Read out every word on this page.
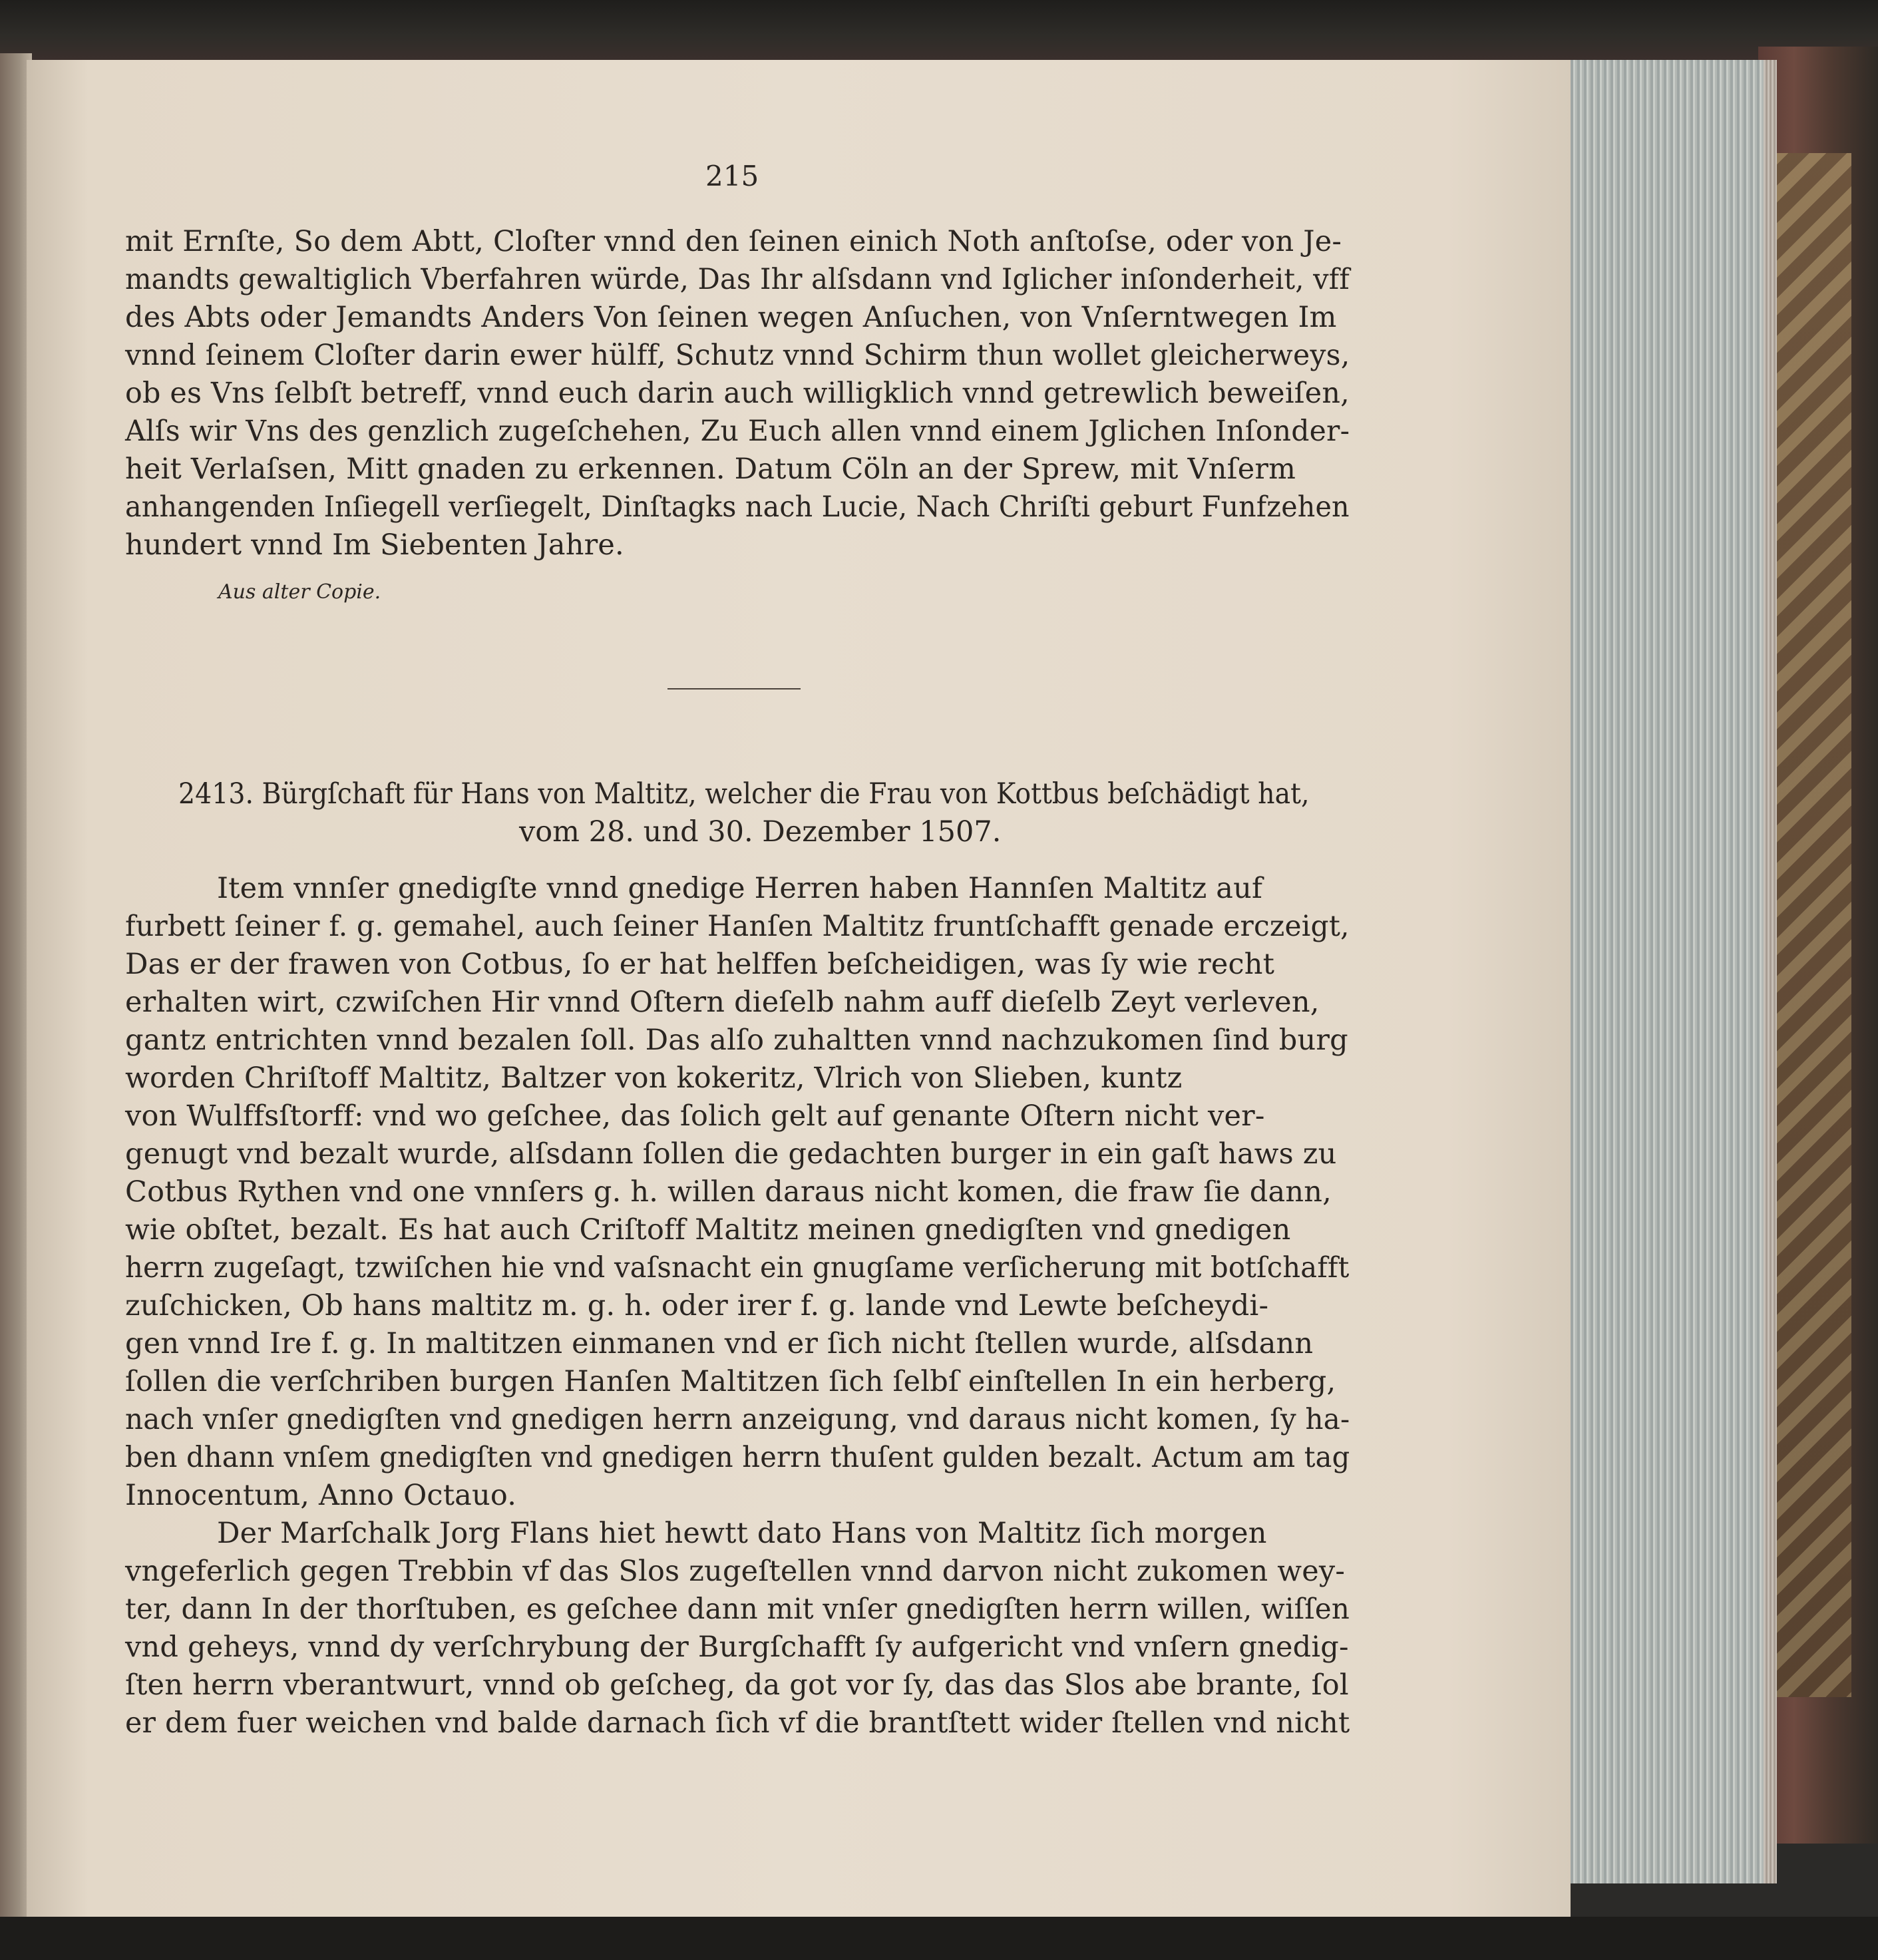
215
mit Ernſte, So dem Abtt, Cloſter vnnd den ſeinen einich Noth anſtoſse, oder von Je-
mandts gewaltiglich Vberfahren würde, Das Ihr alſsdann vnd Iglicher inſonderheit, vff
des Abts oder Jemandts Anders Von ſeinen wegen Anſuchen, von Vnſerntwegen Im
vnnd ſeinem Cloſter darin ewer hülff, Schutz vnnd Schirm thun wollet gleicherweys,
ob es Vns ſelbſt betreff, vnnd euch darin auch willigklich vnnd getrewlich beweiſen,
Alſs wir Vns des genzlich zugeſchehen, Zu Euch allen vnnd einem Jglichen Inſonder-
heit Verlaſsen, Mitt gnaden zu erkennen. Datum Cöln an der Sprew, mit Vnſerm
anhangenden Inſiegell verſiegelt, Dinſtagks nach Lucie, Nach Chriſti geburt Funfzehen
hundert vnnd Im Siebenten Jahre.
Aus alter Copie.
2413. Bürgſchaft für Hans von Maltitz, welcher die Frau von Kottbus beſchädigt hat,
vom 28. und 30. Dezember 1507.
Item vnnſer gnedigſte vnnd gnedige Herren haben Hannſen Maltitz auf
furbett ſeiner f. g. gemahel, auch ſeiner Hanſen Maltitz fruntſchafft genade erczeigt,
Das er der frawen von Cotbus, ſo er hat helffen beſcheidigen, was ſy wie recht
erhalten wirt, czwiſchen Hir vnnd Oſtern dieſelb nahm auff dieſelb Zeyt verleven,
gantz entrichten vnnd bezalen ſoll. Das alſo zuhaltten vnnd nachzukomen ſind burg
worden Chriſtoff Maltitz, Baltzer von kokeritz, Vlrich von Slieben, kuntz
von Wulffsſtorff: vnd wo geſchee, das ſolich gelt auf genante Oſtern nicht ver-
genugt vnd bezalt wurde, alſsdann ſollen die gedachten burger in ein gaſt haws zu
Cotbus Rythen vnd one vnnſers g. h. willen daraus nicht komen, die fraw ſie dann,
wie obſtet, bezalt. Es hat auch Criſtoff Maltitz meinen gnedigſten vnd gnedigen
herrn zugeſagt, tzwiſchen hie vnd vaſsnacht ein gnugſame verſicherung mit botſchafft
zuſchicken, Ob hans maltitz m. g. h. oder irer f. g. lande vnd Lewte beſcheydi-
gen vnnd Ire f. g. In maltitzen einmanen vnd er ſich nicht ſtellen wurde, alſsdann
ſollen die verſchriben burgen Hanſen Maltitzen ſich ſelbſ einſtellen In ein herberg,
nach vnſer gnedigſten vnd gnedigen herrn anzeigung, vnd daraus nicht komen, ſy ha-
ben dhann vnſem gnedigſten vnd gnedigen herrn thuſent gulden bezalt. Actum am tag
Innocentum, Anno Octauo.
Der Marſchalk Jorg Flans hiet hewtt dato Hans von Maltitz ſich morgen
vngeferlich gegen Trebbin vf das Slos zugeſtellen vnnd darvon nicht zukomen wey-
ter, dann In der thorſtuben, es geſchee dann mit vnſer gnedigſten herrn willen, wiſſen
vnd geheys, vnnd dy verſchrybung der Burgſchafft ſy aufgericht vnd vnſern gnedig-
ſten herrn vberantwurt, vnnd ob geſcheg, da got vor ſy, das das Slos abe brante, ſol
er dem fuer weichen vnd balde darnach ſich vf die brantſtett wider ſtellen vnd nicht
